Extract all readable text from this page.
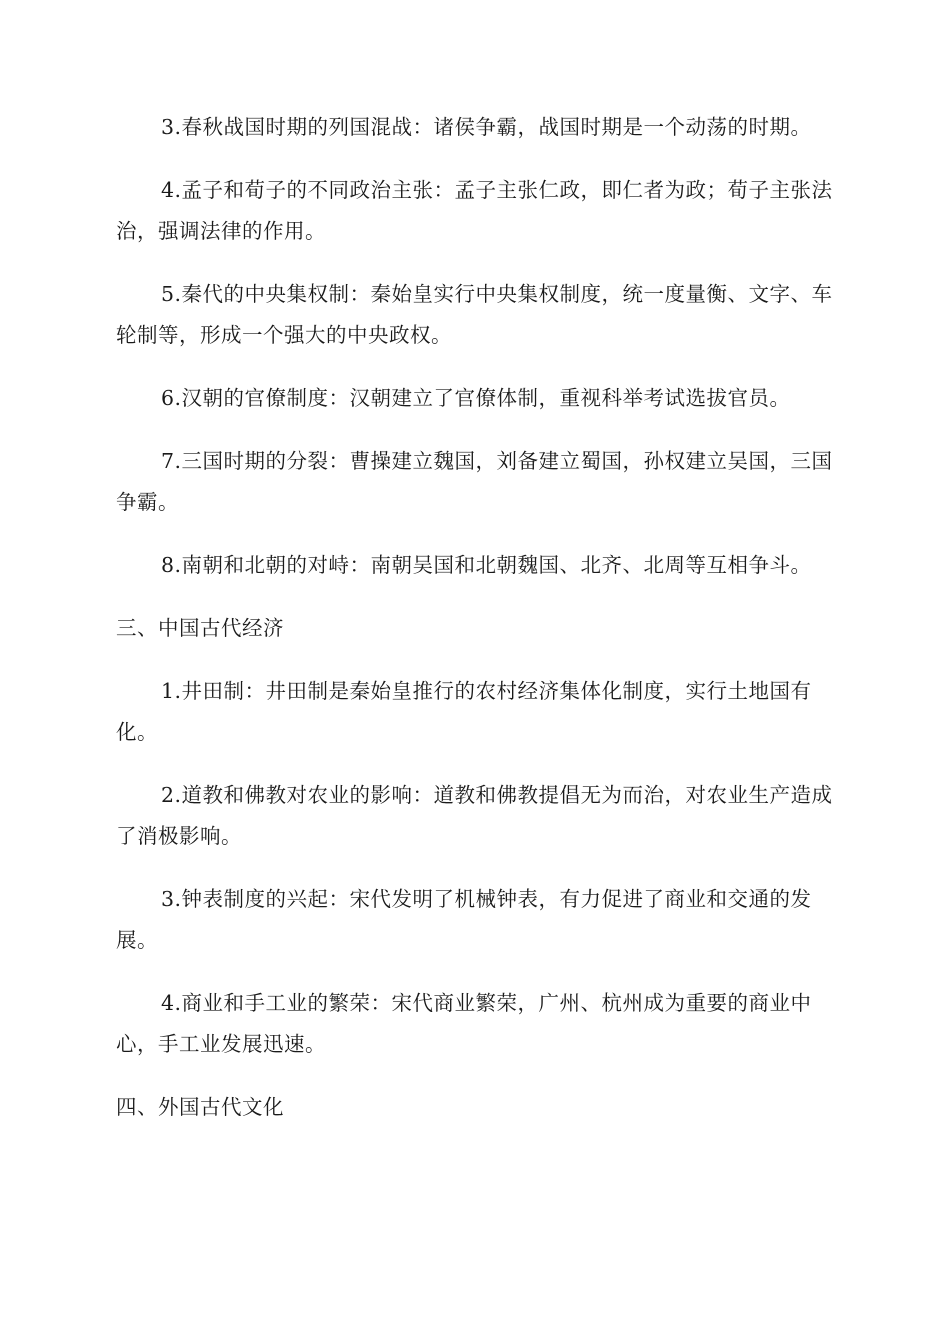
3.春秋战国时期的列国混战：诸侯争霸，战国时期是一个动荡的时期。

4.孟子和荀子的不同政治主张：孟子主张仁政，即仁者为政；荀子主张法治，强调法律的作用。

5.秦代的中央集权制：秦始皇实行中央集权制度，统一度量衡、文字、车轮制等，形成一个强大的中央政权。

6.汉朝的官僚制度：汉朝建立了官僚体制，重视科举考试选拔官员。

7.三国时期的分裂：曹操建立魏国，刘备建立蜀国，孙权建立吴国，三国争霸。

8.南朝和北朝的对峙：南朝吴国和北朝魏国、北齐、北周等互相争斗。

三、中国古代经济

1.井田制：井田制是秦始皇推行的农村经济集体化制度，实行土地国有化。

2.道教和佛教对农业的影响：道教和佛教提倡无为而治，对农业生产造成了消极影响。

3.钟表制度的兴起：宋代发明了机械钟表，有力促进了商业和交通的发展。

4.商业和手工业的繁荣：宋代商业繁荣，广州、杭州成为重要的商业中心，手工业发展迅速。

四、外国古代文化
